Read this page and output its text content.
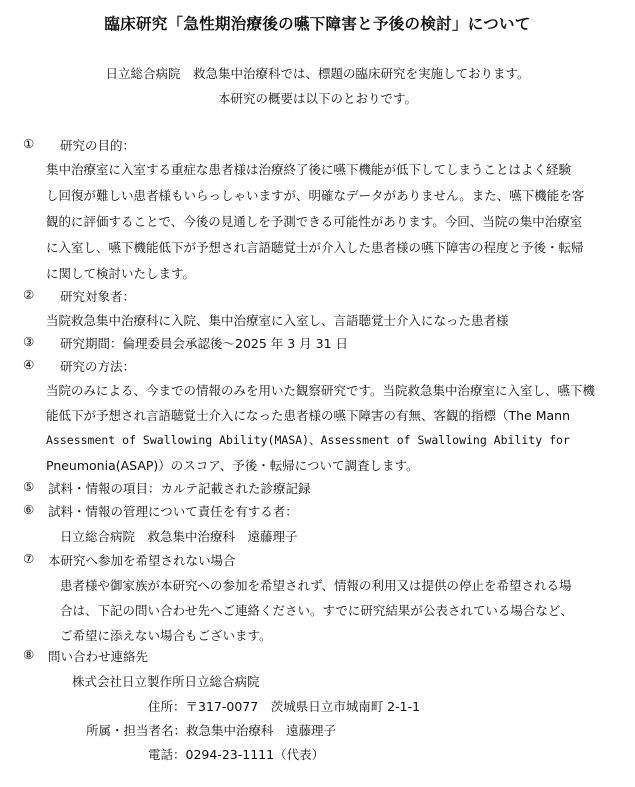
臨床研究「急性期治療後の嚥下障害と予後の検討」について
日立総合病院　救急集中治療科では、標題の臨床研究を実施しております。
本研究の概要は以下のとおりです。
① 研究の目的：
集中治療室に入室する重症な患者様は治療終了後に嚥下機能が低下してしまうことはよく経験
し回復が難しい患者様もいらっしゃいますが、明確なデータがありません。また、嚥下機能を客
観的に評価することで、今後の見通しを予測できる可能性があります。今回、当院の集中治療室
に入室し、嚥下機能低下が予想され言語聴覚士が介入した患者様の嚥下障害の程度と予後・転帰
に関して検討いたします。
② 研究対象者：
当院救急集中治療科に入院、集中治療室に入室し、言語聴覚士介入になった患者様
③ 研究期間：倫理委員会承認後～2025 年 3 月 31 日
④ 研究の方法：
当院のみによる、今までの情報のみを用いた観察研究です。当院救急集中治療室に入室し、嚥下機
能低下が予想され言語聴覚士介入になった患者様の嚥下障害の有無、客観的指標（The Mann
Assessment of Swallowing Ability(MASA)、Assessment of Swallowing Ability for
Pneumonia(ASAP)）のスコア、予後・転帰について調査します。
⑤ 試料・情報の項目：カルテ記載された診療記録
⑥ 試料・情報の管理について責任を有する者：
日立総合病院　救急集中治療科　遠藤理子
⑦ 本研究へ参加を希望されない場合
患者様や御家族が本研究への参加を希望されず、情報の利用又は提供の停止を希望される場
合は、下記の問い合わせ先へご連絡ください。すでに研究結果が公表されている場合など、
ご希望に添えない場合もございます。
⑧ 問い合わせ連絡先
株式会社日立製作所日立総合病院
住所：〒317-0077　茨城県日立市城南町 2-1-1
所属・担当者名：救急集中治療科　遠藤理子
電話：0294-23-1111（代表）
